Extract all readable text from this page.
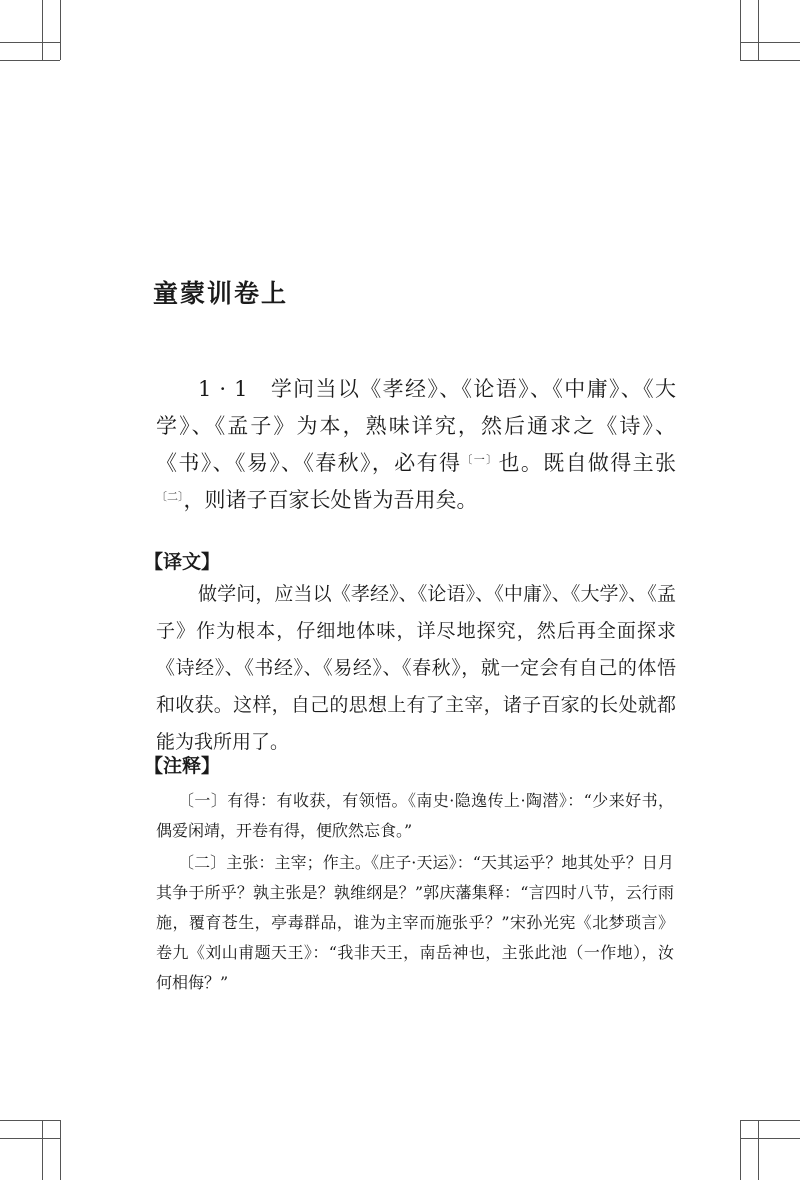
童蒙训卷上

1 · 1 学问当以《孝经》、《论语》、《中庸》、《大学》、《孟子》为本，熟味详究，然后通求之《诗》、《书》、《易》、《春秋》，必有得$^{〔一〕}$也。既自做得主张$^{〔二〕}$，则诸子百家长处皆为吾用矣。

【译文】

做学问，应当以《孝经》、《论语》、《中庸》、《大学》、《孟子》作为根本，仔细地体味，详尽地探究，然后再全面探求《诗经》、《书经》、《易经》、《春秋》，就一定会有自己的体悟和收获。这样，自己的思想上有了主宰，诸子百家的长处就都能为我所用了。

【注释】

〔一〕有得：有收获，有领悟。《南史·隐逸传上·陶潜》：“少来好书，偶爱闲靖，开卷有得，便欣然忘食。”

〔二〕主张：主宰；作主。《庄子·天运》：“天其运乎？地其处乎？日月其争于所乎？孰主张是？孰维纲是？”郭庆藩集释：“言四时八节，云行雨施，覆育苍生，亭毒群品，谁为主宰而施张乎？”宋孙光宪《北梦琐言》卷九《刘山甫题天王》：“我非天王，南岳神也，主张此池（一作地），汝何相侮？”
